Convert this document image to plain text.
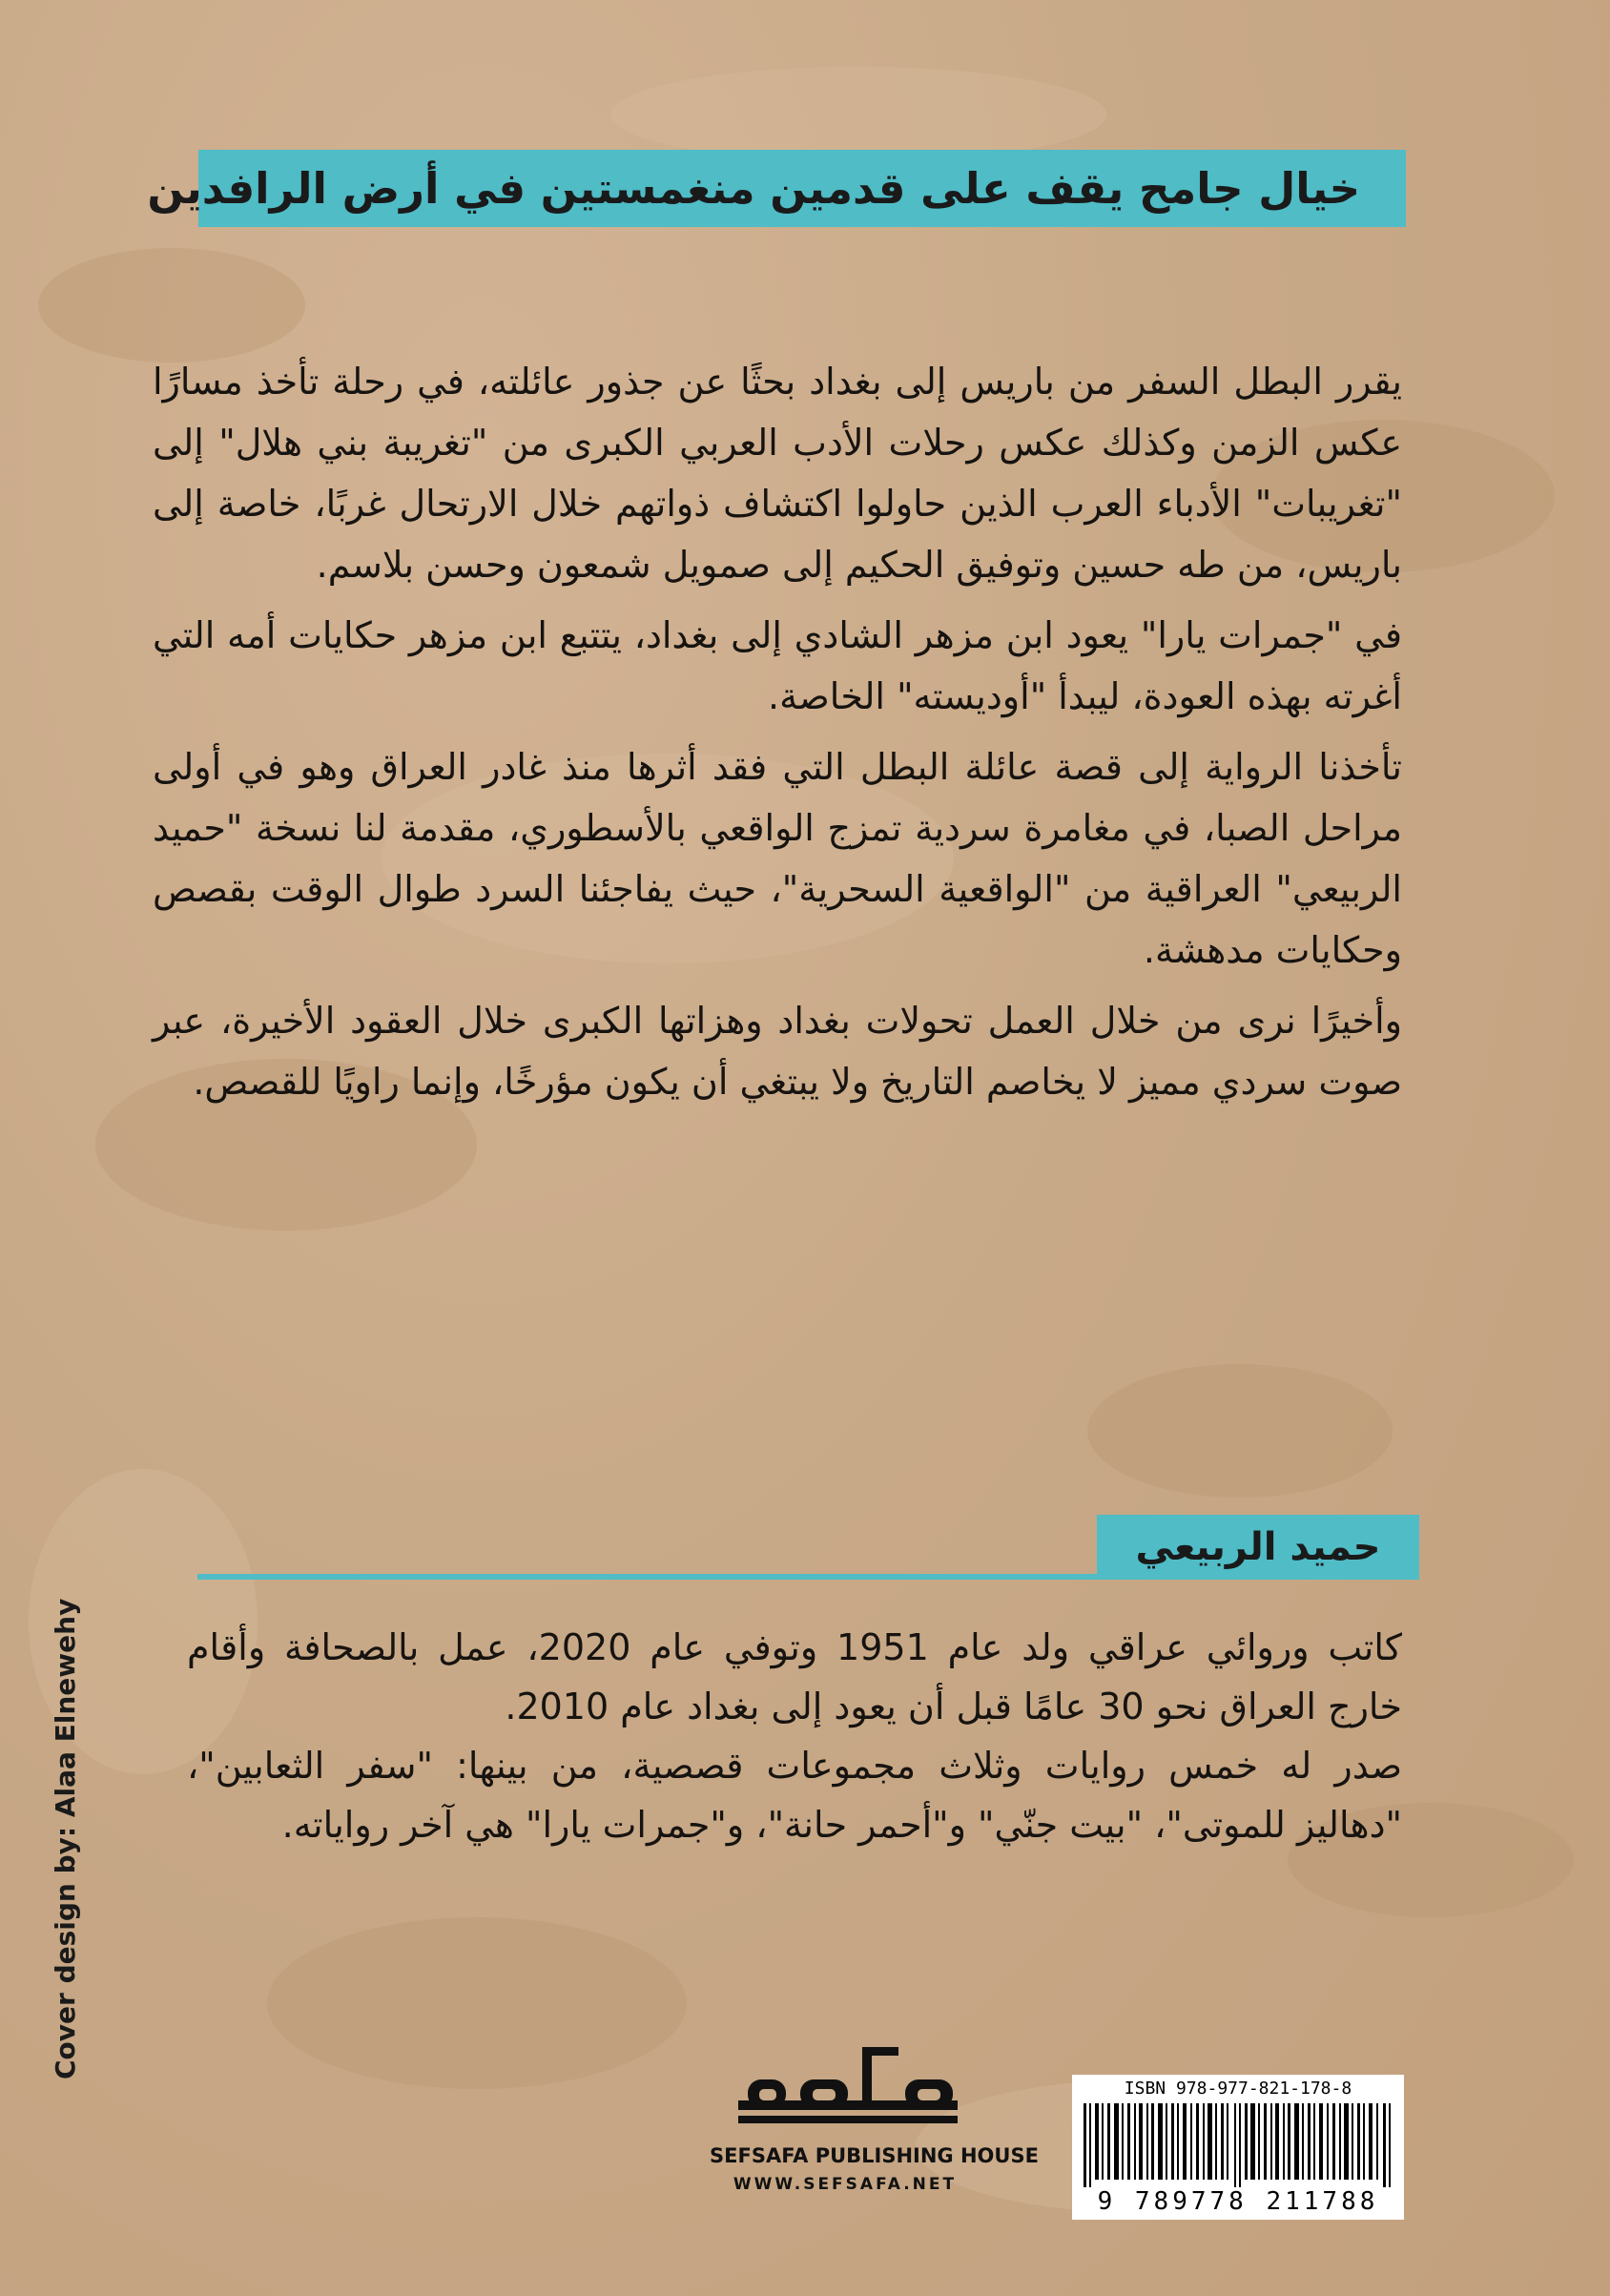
خيال جامح يقف على قدمين منغمستين في أرض الرافدين

يقرر البطل السفر من باريس إلى بغداد بحثًا عن جذور عائلته، في رحلة تأخذ مسارًا عكس الزمن وكذلك عكس رحلات الأدب العربي الكبرى من "تغريبة بني هلال" إلى "تغريبات" الأدباء العرب الذين حاولوا اكتشاف ذواتهم خلال الارتحال غربًا، خاصة إلى باريس، من طه حسين وتوفيق الحكيم إلى صمويل شمعون وحسن بلاسم.

في "جمرات يارا" يعود ابن مزهر الشادي إلى بغداد، يتتبع ابن مزهر حكايات أمه التي أغرته بهذه العودة، ليبدأ "أوديسته" الخاصة.

تأخذنا الرواية إلى قصة عائلة البطل التي فقد أثرها منذ غادر العراق وهو في أولى مراحل الصبا، في مغامرة سردية تمزج الواقعي بالأسطوري، مقدمة لنا نسخة "حميد الربيعي" العراقية من "الواقعية السحرية"، حيث يفاجئنا السرد طوال الوقت بقصص وحكايات مدهشة.

وأخيرًا نرى من خلال العمل تحولات بغداد وهزاتها الكبرى خلال العقود الأخيرة، عبر صوت سردي مميز لا يخاصم التاريخ ولا يبتغي أن يكون مؤرخًا، وإنما راويًا للقصص.

حميد الربيعي

كاتب وروائي عراقي ولد عام 1951 وتوفي عام 2020، عمل بالصحافة وأقام خارج العراق نحو 30 عامًا قبل أن يعود إلى بغداد عام 2010.

صدر له خمس روايات وثلاث مجموعات قصصية، من بينها: "سفر الثعابين"، "دهاليز للموتى"، "بيت جنّي" و"أحمر حانة"، و"جمرات يارا" هي آخر رواياته.

Cover design by: Alaa Elnewehy
SEFSAFA PUBLISHING HOUSE
WWW.SEFSAFA.NET
ISBN 978-977-821-178-8
9 789778 211788
